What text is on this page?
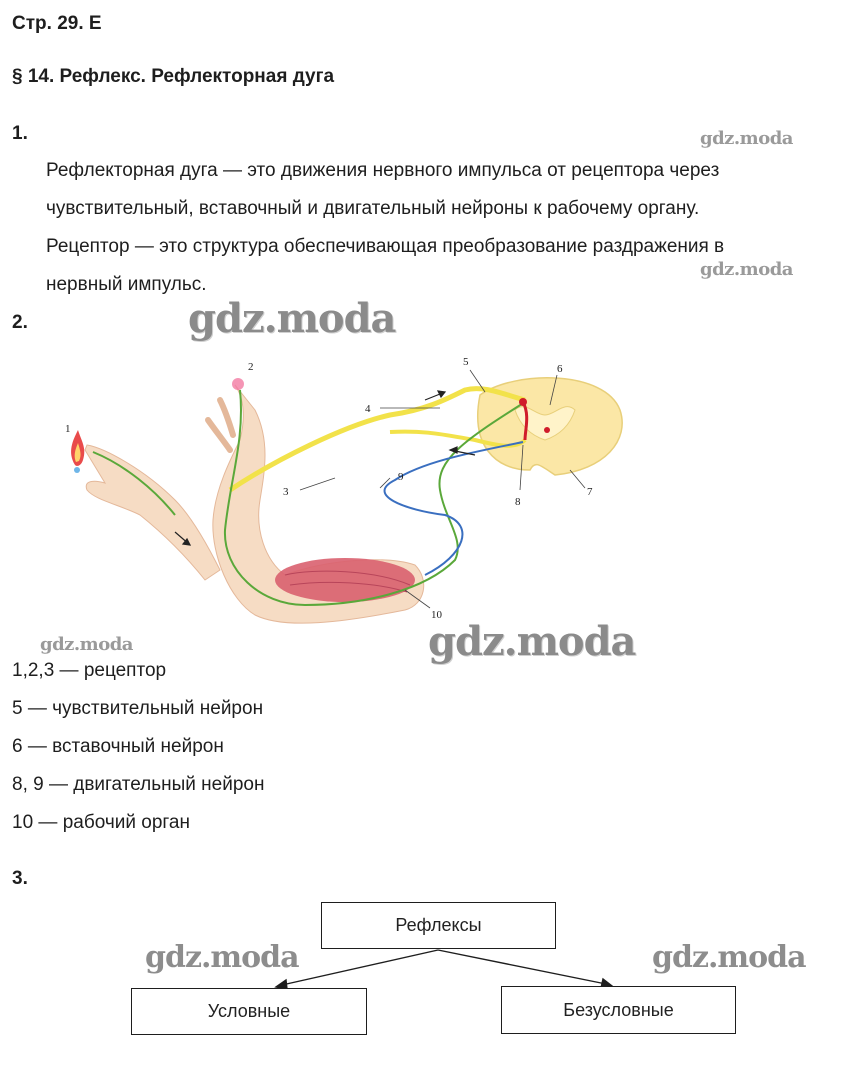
Стр. 29. Е
§ 14. Рефлекс. Рефлекторная дуга
1.

Рефлекторная дуга — это движения нервного импульса от рецептора через

чувствительный, вставочный и двигательный нейроны к рабочему органу.

Рецептор — это структура обеспечивающая преобразование раздражения в

нервный импульс.

2.
1
2
3
4
5
6
7
8
9
10
1,2,3 — рецептор
5 — чувствительный нейрон
6 — вставочный нейрон
8, 9 — двигательный нейрон
10 — рабочий орган
3.
Рефлексы
Условные	Безусловные
gdz.moda
gdz.moda
gdz.moda
gdz.moda	gdz.moda
gdz.moda	gdz.moda
